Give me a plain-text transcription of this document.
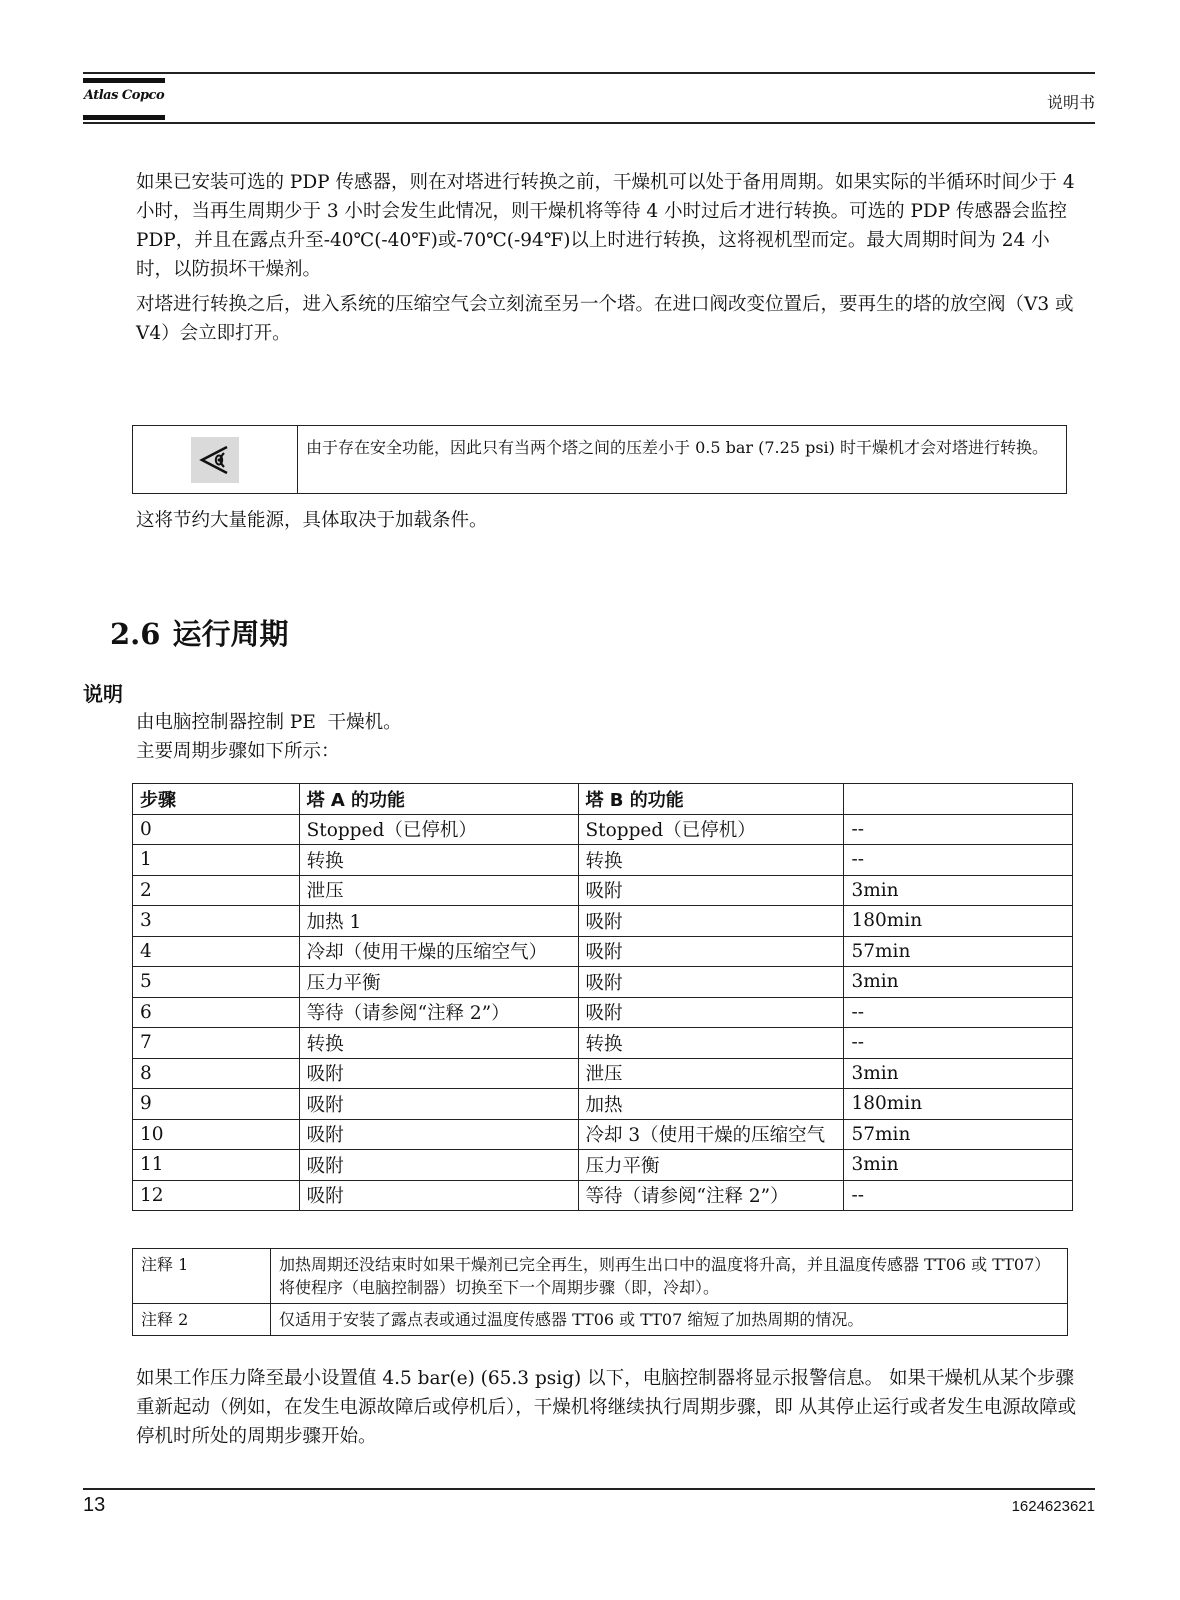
Atlas Copco	说明书

如果已安装可选的 PDP 传感器，则在对塔进行转换之前，干燥机可以处于备用周期。如果实际的半循环时间少于 4 小时，当再生周期少于 3 小时会发生此情况，则干燥机将等待 4 小时过后才进行转换。可选的 PDP 传感器会监控 PDP，并且在露点升至-40℃(-40℉)或-70℃(-94℉)以上时进行转换，这将视机型而定。最大周期时间为 24 小时，以防损坏干燥剂。

对塔进行转换之后，进入系统的压缩空气会立刻流至另一个塔。在进口阀改变位置后，要再生的塔的放空阀（V3 或 V4）会立即打开。

由于存在安全功能，因此只有当两个塔之间的压差小于 0.5 bar (7.25 psi) 时干燥机才会对塔进行转换。

这将节约大量能源，具体取决于加载条件。

2.6 运行周期
说明
由电脑控制器控制 PE  干燥机。
主要周期步骤如下所示：
步骤	塔 A 的功能	塔 B 的功能	
0	Stopped（已停机）	Stopped（已停机）	--
1	转换	转换	--
2	泄压	吸附	3min
3	加热 1	吸附	180min
4	冷却（使用干燥的压缩空气）	吸附	57min
5	压力平衡	吸附	3min
6	等待（请参阅“注释 2”）	吸附	--
7	转换	转换	--
8	吸附	泄压	3min
9	吸附	加热	180min
10	吸附	冷却 3（使用干燥的压缩空气	57min
11	吸附	压力平衡	3min
12	吸附	等待（请参阅“注释 2”）	--
注释 1	加热周期还没结束时如果干燥剂已完全再生，则再生出口中的温度将升高，并且温度传感器 TT06 或 TT07）将使程序（电脑控制器）切换至下一个周期步骤（即，冷却）。
注释 2	仅适用于安装了露点表或通过温度传感器 TT06 或 TT07 缩短了加热周期的情况。

如果工作压力降至最小设置值 4.5 bar(e) (65.3 psig) 以下，电脑控制器将显示报警信息。 如果干燥机从某个步骤重新起动（例如，在发生电源故障后或停机后），干燥机将继续执行周期步骤，即 从其停止运行或者发生电源故障或停机时所处的周期步骤开始。

13	1624623621
